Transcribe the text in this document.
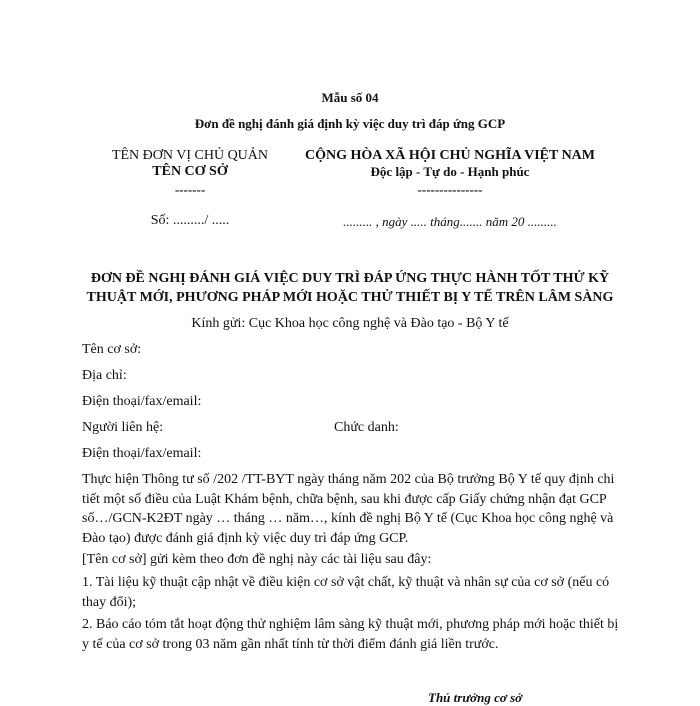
Mẫu số 04
Đơn đề nghị đánh giá định kỳ việc duy trì đáp ứng GCP
TÊN ĐƠN VỊ CHỦ QUẢN
TÊN CƠ SỞ
-------
Số: ........./ .....
CỘNG HÒA XÃ HỘI CHỦ NGHĨA VIỆT NAM
Độc lập - Tự do - Hạnh phúc
---------------
......... , ngày ..... tháng....... năm 20 .........
ĐƠN ĐỀ NGHỊ ĐÁNH GIÁ VIỆC DUY TRÌ ĐÁP ỨNG THỰC HÀNH TỐT THỬ KỸ
THUẬT MỚI, PHƯƠNG PHÁP MỚI HOẶC THỬ THIẾT BỊ Y TẾ TRÊN LÂM SÀNG
Kính gửi: Cục Khoa học công nghệ và Đào tạo - Bộ Y tế
Tên cơ sở:
Địa chỉ:
Điện thoại/fax/email:
Người liên hệ:	Chức danh:
Điện thoại/fax/email:
Thực hiện Thông tư số /202 /TT-BYT ngày tháng năm 202 của Bộ trưởng Bộ Y tế quy định chi tiết một số điều của Luật Khám bệnh, chữa bệnh, sau khi được cấp Giấy chứng nhận đạt GCP số…/GCN-K2ĐT ngày … tháng … năm…, kính đề nghị Bộ Y tế (Cục Khoa học công nghệ và Đào tạo) được đánh giá định kỳ việc duy trì đáp ứng GCP.
[Tên cơ sở] gửi kèm theo đơn đề nghị này các tài liệu sau đây:
1. Tài liệu kỹ thuật cập nhật về điều kiện cơ sở vật chất, kỹ thuật và nhân sự của cơ sở (nếu có thay đổi);
2. Báo cáo tóm tắt hoạt động thử nghiệm lâm sàng kỹ thuật mới, phương pháp mới hoặc thiết bị y tế của cơ sở trong 03 năm gần nhất tính từ thời điểm đánh giá liền trước.
Thủ trưởng cơ sở
